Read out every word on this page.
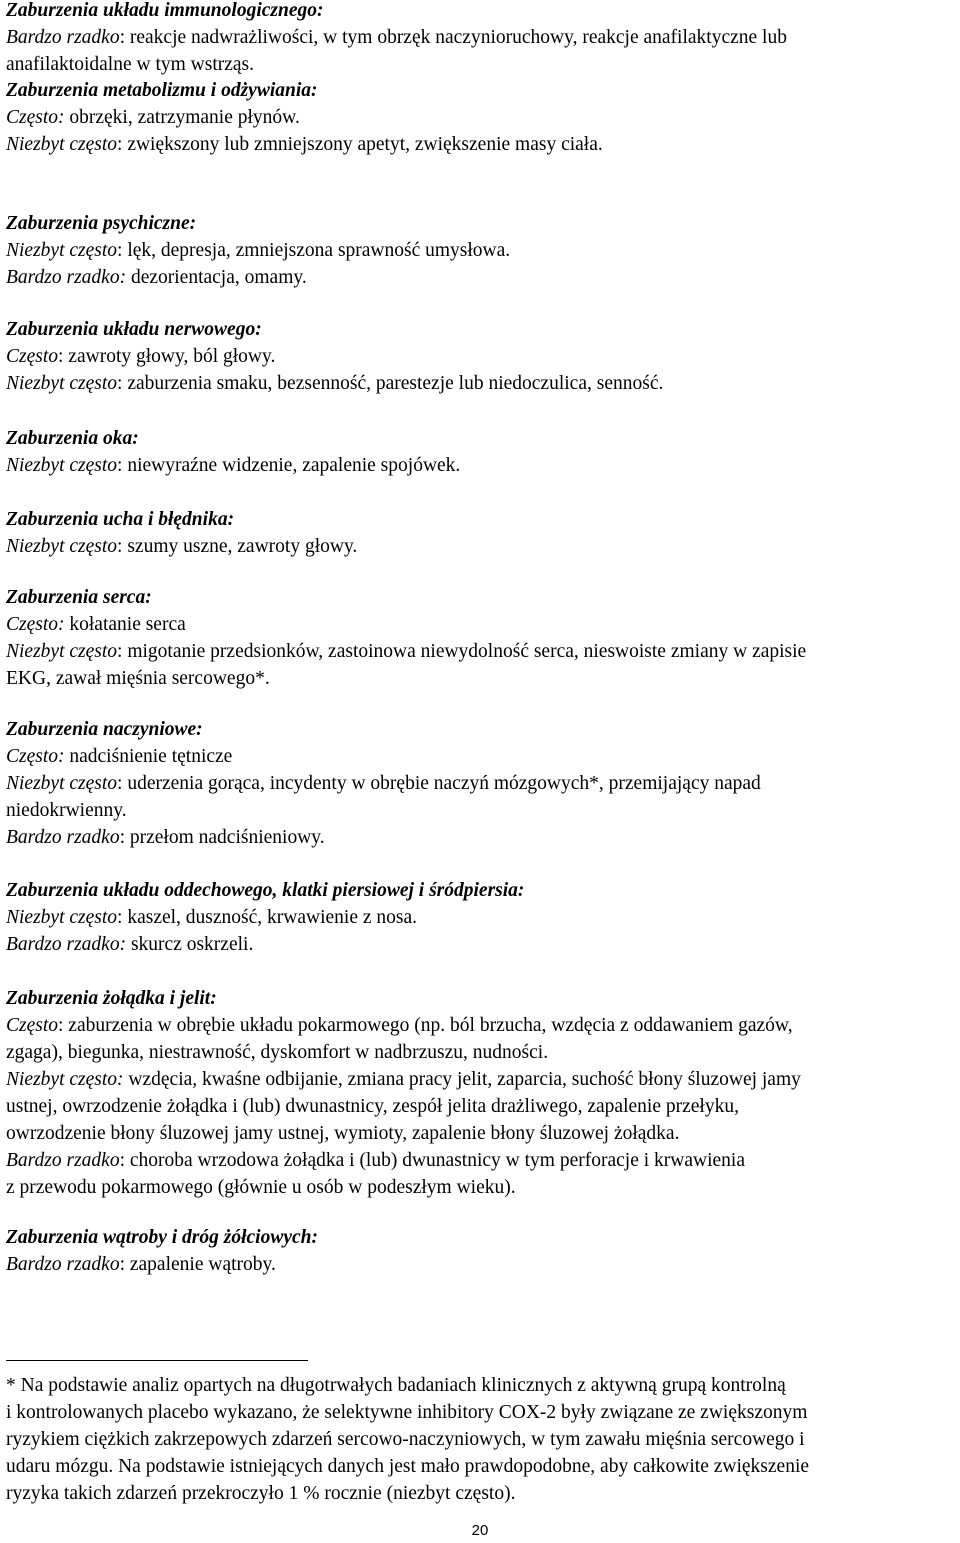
Zaburzenia układu immunologicznego:

Bardzo rzadko: reakcje nadwrażliwości, w tym obrzęk naczynioruchowy, reakcje anafilaktyczne lub

anafilaktoidalne w tym wstrząs.

Zaburzenia metabolizmu i odżywiania:

Często: obrzęki, zatrzymanie płynów.

Niezbyt często: zwiększony lub zmniejszony apetyt, zwiększenie masy ciała.

Zaburzenia psychiczne:

Niezbyt często: lęk, depresja, zmniejszona sprawność umysłowa.

Bardzo rzadko: dezorientacja, omamy.

Zaburzenia układu nerwowego:

Często: zawroty głowy, ból głowy.

Niezbyt często: zaburzenia smaku, bezsenność, parestezje lub niedoczulica, senność.

Zaburzenia oka:

Niezbyt często: niewyraźne widzenie, zapalenie spojówek.

Zaburzenia ucha i błędnika:

Niezbyt często: szumy uszne, zawroty głowy.

Zaburzenia serca:

Często: kołatanie serca

Niezbyt często: migotanie przedsionków, zastoinowa niewydolność serca, nieswoiste zmiany w zapisie

EKG, zawał mięśnia sercowego*.

Zaburzenia naczyniowe:

Często: nadciśnienie tętnicze

Niezbyt często: uderzenia gorąca, incydenty w obrębie naczyń mózgowych*, przemijający napad

niedokrwienny.

Bardzo rzadko: przełom nadciśnieniowy.

Zaburzenia układu oddechowego, klatki piersiowej i śródpiersia:

Niezbyt często: kaszel, duszność, krwawienie z nosa.

Bardzo rzadko: skurcz oskrzeli.

Zaburzenia żołądka i jelit:

Często: zaburzenia w obrębie układu pokarmowego (np. ból brzucha, wzdęcia z oddawaniem gazów,

zgaga), biegunka, niestrawność, dyskomfort w nadbrzuszu, nudności.

Niezbyt często: wzdęcia, kwaśne odbijanie, zmiana pracy jelit, zaparcia, suchość błony śluzowej jamy

ustnej, owrzodzenie żołądka i (lub) dwunastnicy, zespół jelita drażliwego, zapalenie przełyku,

owrzodzenie błony śluzowej jamy ustnej, wymioty, zapalenie błony śluzowej żołądka.

Bardzo rzadko: choroba wrzodowa żołądka i (lub) dwunastnicy w tym perforacje i krwawienia

z przewodu pokarmowego (głównie u osób w podeszłym wieku).

Zaburzenia wątroby i dróg żółciowych:

Bardzo rzadko: zapalenie wątroby.

* Na podstawie analiz opartych na długotrwałych badaniach klinicznych z aktywną grupą kontrolną
i kontrolowanych placebo wykazano, że selektywne inhibitory COX-2 były związane ze zwiększonym
ryzykiem ciężkich zakrzepowych zdarzeń sercowo-naczyniowych, w tym zawału mięśnia sercowego i
udaru mózgu. Na podstawie istniejących danych jest mało prawdopodobne, aby całkowite zwiększenie
ryzyka takich zdarzeń przekroczyło 1 % rocznie (niezbyt często).
20
